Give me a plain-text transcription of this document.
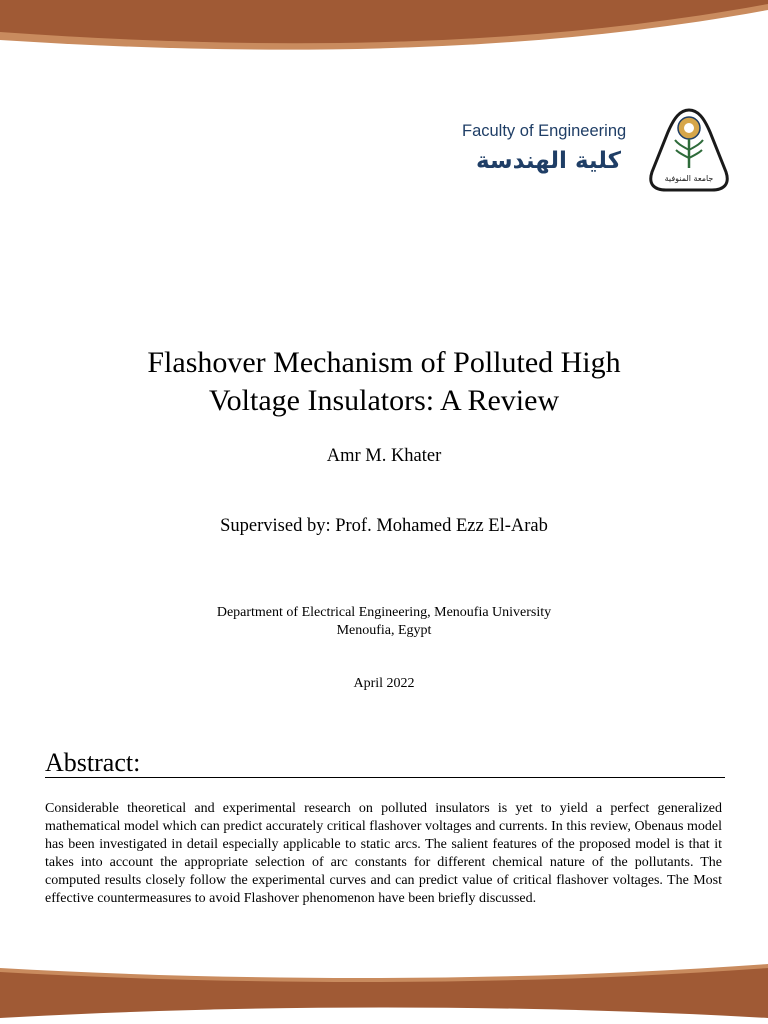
Faculty of Engineering
كلية الهندسة
جامعة المنوفية
Flashover Mechanism of Polluted High
Voltage Insulators: A Review
Amr M. Khater
Supervised by: Prof. Mohamed Ezz El-Arab
Department of Electrical Engineering, Menoufia University
Menoufia, Egypt
April 2022
Abstract:
Considerable theoretical and experimental research on polluted insulators is yet to yield a perfect generalized mathematical model which can predict accurately critical flashover voltages and currents. In this review, Obenaus model has been investigated in detail especially applicable to static arcs. The salient features of the proposed model is that it takes into account the appropriate selection of arc constants for different chemical nature of the pollutants. The computed results closely follow the experimental curves and can predict value of critical flashover voltages. The Most effective countermeasures to avoid Flashover phenomenon have been briefly discussed.
